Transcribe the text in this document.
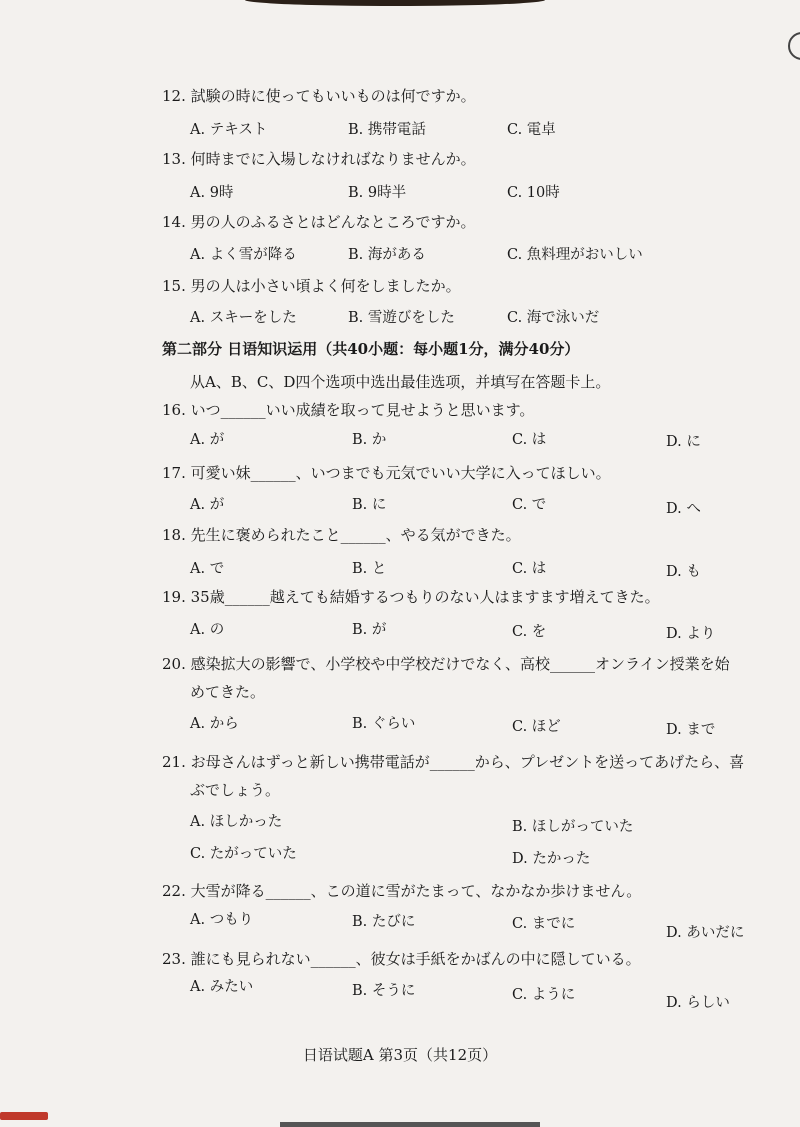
12. 試験の時に使ってもいいものは何ですか。
A. テキスト	B. 携帯電話	C. 電卓
13. 何時までに入場しなければなりませんか。
A. 9時	B. 9時半	C. 10時
14. 男の人のふるさとはどんなところですか。
A. よく雪が降る	B. 海がある	C. 魚料理がおいしい
15. 男の人は小さい頃よく何をしましたか。
A. スキーをした	B. 雪遊びをした	C. 海で泳いだ
第二部分 日语知识运用（共40小题：每小题1分，满分40分）
从A、B、C、D四个选项中选出最佳选项，并填写在答题卡上。
16. いつ______いい成績を取って見せようと思います。
A. が	B. か	C. は	D. に
17. 可愛い妹______、いつまでも元気でいい大学に入ってほしい。
A. が	B. に	C. で	D. へ
18. 先生に褒められたこと______、やる気ができた。
A. で	B. と	C. は	D. も
19. 35歳______越えても結婚するつもりのない人はますます増えてきた。
A. の	B. が	C. を	D. より
20. 感染拡大の影響で、小学校や中学校だけでなく、高校______オンライン授業を始
めてきた。
A. から	B. ぐらい	C. ほど	D. まで
21. お母さんはずっと新しい携帯電話が______から、プレゼントを送ってあげたら、喜
ぶでしょう。
A. ほしかった	B. ほしがっていた
C. たがっていた	D. たかった
22. 大雪が降る______、この道に雪がたまって、なかなか歩けません。
A. つもり	B. たびに	C. までに
D. あいだに
23. 誰にも見られない______、彼女は手紙をかばんの中に隠している。
A. みたい	B. そうに	C. ように	D. らしい
日语试题A 第3页（共12页）
